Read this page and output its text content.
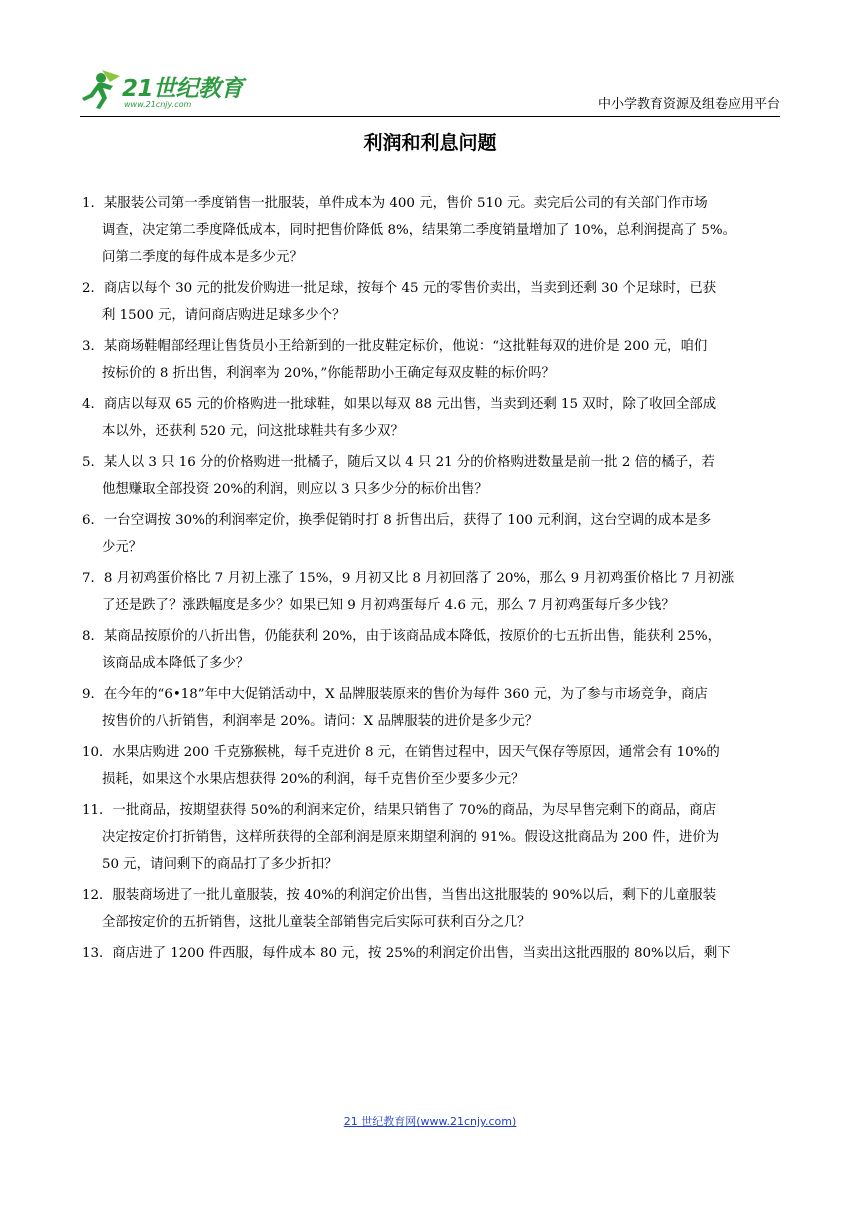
21世纪教育
www.21cnjy.com	中小学教育资源及组卷应用平台
利润和利息问题
1．某服装公司第一季度销售一批服装，单件成本为 400 元，售价 510 元。卖完后公司的有关部门作市场
调查，决定第二季度降低成本，同时把售价降低 8%，结果第二季度销量增加了 10%，总利润提高了 5%。
问第二季度的每件成本是多少元？
2．商店以每个 30 元的批发价购进一批足球，按每个 45 元的零售价卖出，当卖到还剩 30 个足球时，已获
利 1500 元，请问商店购进足球多少个？
3．某商场鞋帽部经理让售货员小王给新到的一批皮鞋定标价，他说：“这批鞋每双的进价是 200 元，咱们
按标价的 8 折出售，利润率为 20%，”你能帮助小王确定每双皮鞋的标价吗？
4．商店以每双 65 元的价格购进一批球鞋，如果以每双 88 元出售，当卖到还剩 15 双时，除了收回全部成
本以外，还获利 520 元，问这批球鞋共有多少双？
5．某人以 3 只 16 分的价格购进一批橘子，随后又以 4 只 21 分的价格购进数量是前一批 2 倍的橘子，若
他想赚取全部投资 20%的利润，则应以 3 只多少分的标价出售？
6．一台空调按 30%的利润率定价，换季促销时打 8 折售出后，获得了 100 元利润，这台空调的成本是多
少元？
7．8 月初鸡蛋价格比 7 月初上涨了 15%，9 月初又比 8 月初回落了 20%，那么 9 月初鸡蛋价格比 7 月初涨
了还是跌了？涨跌幅度是多少？如果已知 9 月初鸡蛋每斤 4.6 元，那么 7 月初鸡蛋每斤多少钱？
8．某商品按原价的八折出售，仍能获利 20%，由于该商品成本降低，按原价的七五折出售，能获利 25%，
该商品成本降低了多少？
9．在今年的“6•18”年中大促销活动中，X 品牌服装原来的售价为每件 360 元，为了参与市场竞争，商店
按售价的八折销售，利润率是 20%。请问：X 品牌服装的进价是多少元？
10．水果店购进 200 千克猕猴桃，每千克进价 8 元，在销售过程中，因天气保存等原因，通常会有 10%的
损耗，如果这个水果店想获得 20%的利润，每千克售价至少要多少元？
11．一批商品，按期望获得 50%的利润来定价，结果只销售了 70%的商品，为尽早售完剩下的商品，商店
决定按定价打折销售，这样所获得的全部利润是原来期望利润的 91%。假设这批商品为 200 件，进价为
50 元，请问剩下的商品打了多少折扣？
12．服装商场进了一批儿童服装，按 40%的利润定价出售，当售出这批服装的 90%以后，剩下的儿童服装
全部按定价的五折销售，这批儿童装全部销售完后实际可获利百分之几？
13．商店进了 1200 件西服，每件成本 80 元，按 25%的利润定价出售，当卖出这批西服的 80%以后，剩下
21 世纪教育网(www.21cnjy.com)
